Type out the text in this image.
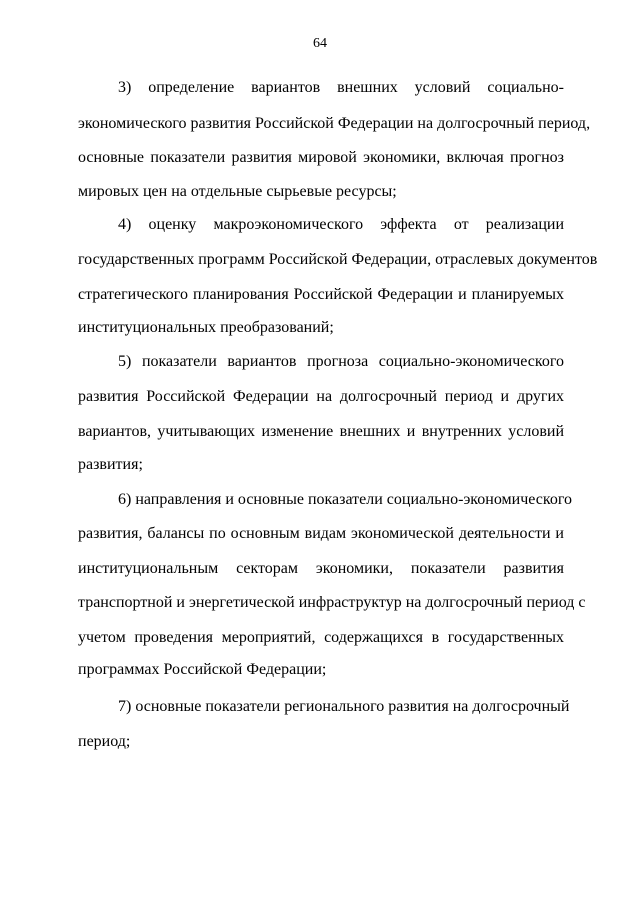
64
3) определение вариантов внешних условий социально-
экономического развития Российской Федерации на долгосрочный период,
основные показатели развития мировой экономики, включая прогноз
мировых цен на отдельные сырьевые ресурсы;
4) оценку макроэкономического эффекта от реализации
государственных программ Российской Федерации, отраслевых документов
стратегического планирования Российской Федерации и планируемых
институциональных преобразований;
5) показатели вариантов прогноза социально-экономического
развития Российской Федерации на долгосрочный период и других
вариантов, учитывающих изменение внешних и внутренних условий
развития;
6) направления и основные показатели социально-экономического
развития, балансы по основным видам экономической деятельности и
институциональным секторам экономики, показатели развития
транспортной и энергетической инфраструктур на долгосрочный период с
учетом проведения мероприятий, содержащихся в государственных
программах Российской Федерации;
7) основные показатели регионального развития на долгосрочный
период;
